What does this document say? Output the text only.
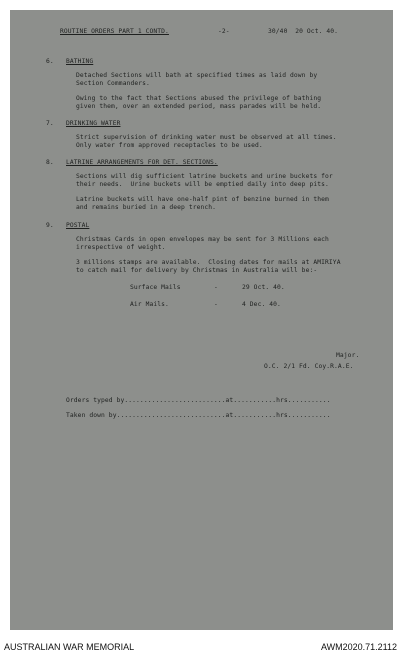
ROUTINE ORDERS PART 1 CONTD.	-2-	30/40  20 Oct. 40.
6. BATHING
Detached Sections will bath at specified times as laid down by
Section Commanders.
Owing to the fact that Sections abused the privilege of bathing
given them, over an extended period, mass parades will be held.
7. DRINKING WATER
Strict supervision of drinking water must be observed at all times.
Only water from approved receptacles to be used.
8. LATRINE ARRANGEMENTS FOR DET. SECTIONS.
Sections will dig sufficient latrine buckets and urine buckets for
their needs.  Urine buckets will be emptied daily into deep pits.
Latrine buckets will have one-half pint of benzine burned in them
and remains buried in a deep trench.
9. POSTAL
Christmas Cards in open envelopes may be sent for 3 Millions each
irrespective of weight.
3 millions stamps are available.  Closing dates for mails at AMIRIYA
to catch mail for delivery by Christmas in Australia will be:-
Surface Mails	-	29 Oct. 40.
Air Mails.	-	4 Dec. 40.
Major.
O.C. 2/1 Fd. Coy.R.A.E.
Orders typed by..........................at...........hrs...........
Taken down by............................at...........hrs...........
AUSTRALIAN WAR MEMORIAL	AWM2020.71.2112
